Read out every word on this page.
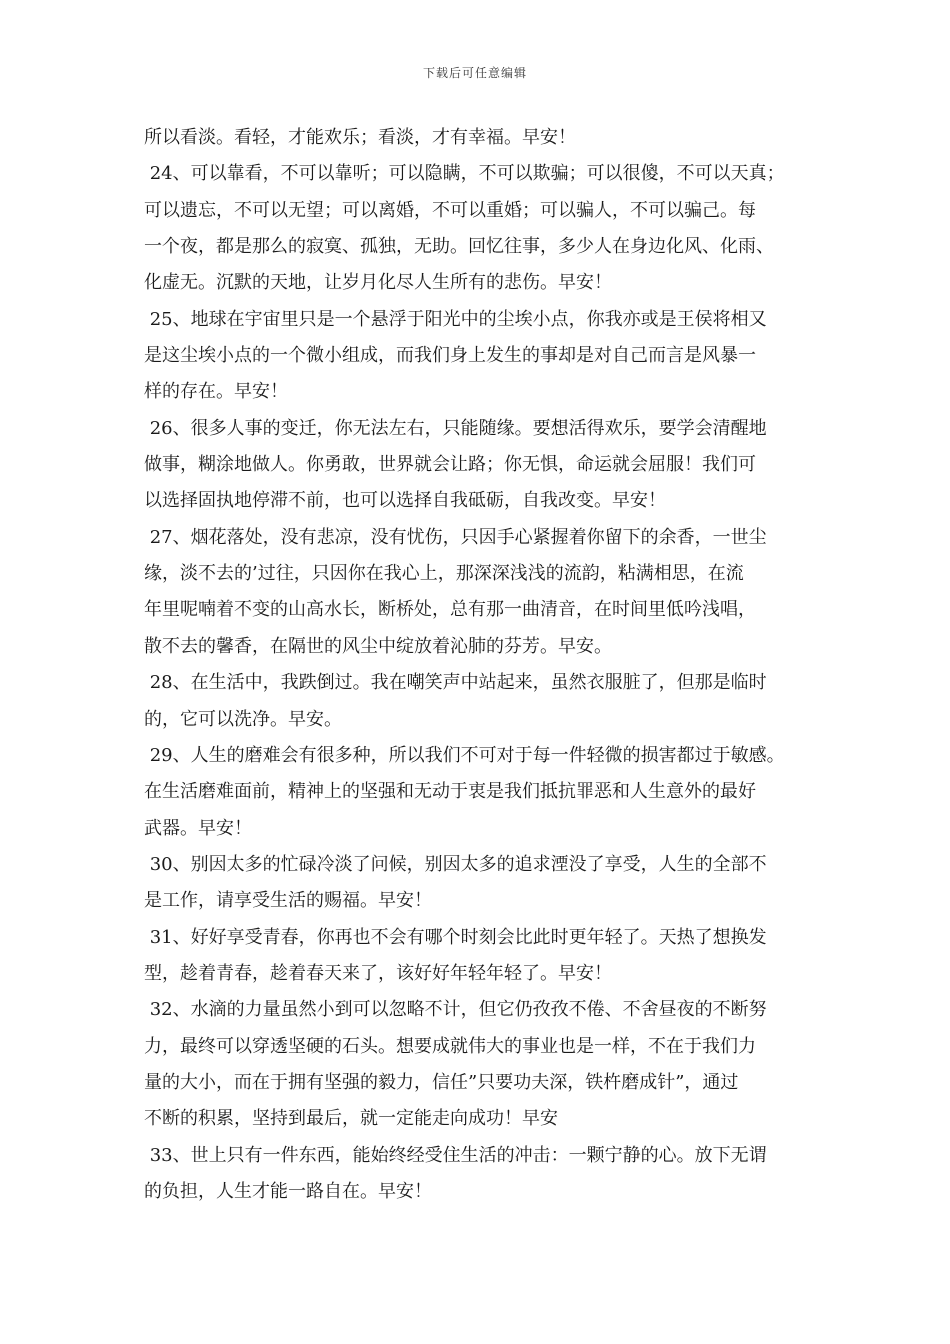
下载后可任意编辑
所以看淡。看轻，才能欢乐；看淡，才有幸福。早安！
24、可以靠看，不可以靠听；可以隐瞒，不可以欺骗；可以很傻，不可以天真；
可以遗忘，不可以无望；可以离婚，不可以重婚；可以骗人，不可以骗己。每
一个夜，都是那么的寂寞、孤独，无助。回忆往事，多少人在身边化风、化雨、
化虚无。沉默的天地，让岁月化尽人生所有的悲伤。早安！
25、地球在宇宙里只是一个悬浮于阳光中的尘埃小点，你我亦或是王侯将相又
是这尘埃小点的一个微小组成，而我们身上发生的事却是对自己而言是风暴一
样的存在。早安！
26、很多人事的变迁，你无法左右，只能随缘。要想活得欢乐，要学会清醒地
做事，糊涂地做人。你勇敢，世界就会让路；你无惧，命运就会屈服！我们可
以选择固执地停滞不前，也可以选择自我砥砺，自我改变。早安！
27、烟花落处，没有悲凉，没有忧伤，只因手心紧握着你留下的余香，一世尘
缘，淡不去的’过往，只因你在我心上，那深深浅浅的流韵，粘满相思，在流
年里呢喃着不变的山高水长，断桥处，总有那一曲清音，在时间里低吟浅唱，
散不去的馨香，在隔世的风尘中绽放着沁肺的芬芳。早安。
28、在生活中，我跌倒过。我在嘲笑声中站起来，虽然衣服脏了，但那是临时
的，它可以洗净。早安。
29、人生的磨难会有很多种，所以我们不可对于每一件轻微的损害都过于敏感。
在生活磨难面前，精神上的坚强和无动于衷是我们抵抗罪恶和人生意外的最好
武器。早安！
30、别因太多的忙碌冷淡了问候，别因太多的追求湮没了享受，人生的全部不
是工作，请享受生活的赐福。早安！
31、好好享受青春，你再也不会有哪个时刻会比此时更年轻了。天热了想换发
型，趁着青春，趁着春天来了，该好好年轻年轻了。早安！
32、水滴的力量虽然小到可以忽略不计，但它仍孜孜不倦、不舍昼夜的不断努
力，最终可以穿透坚硬的石头。想要成就伟大的事业也是一样，不在于我们力
量的大小，而在于拥有坚强的毅力，信任”只要功夫深，铁杵磨成针”，通过
不断的积累，坚持到最后，就一定能走向成功！早安
33、世上只有一件东西，能始终经受住生活的冲击：一颗宁静的心。放下无谓
的负担，人生才能一路自在。早安！
